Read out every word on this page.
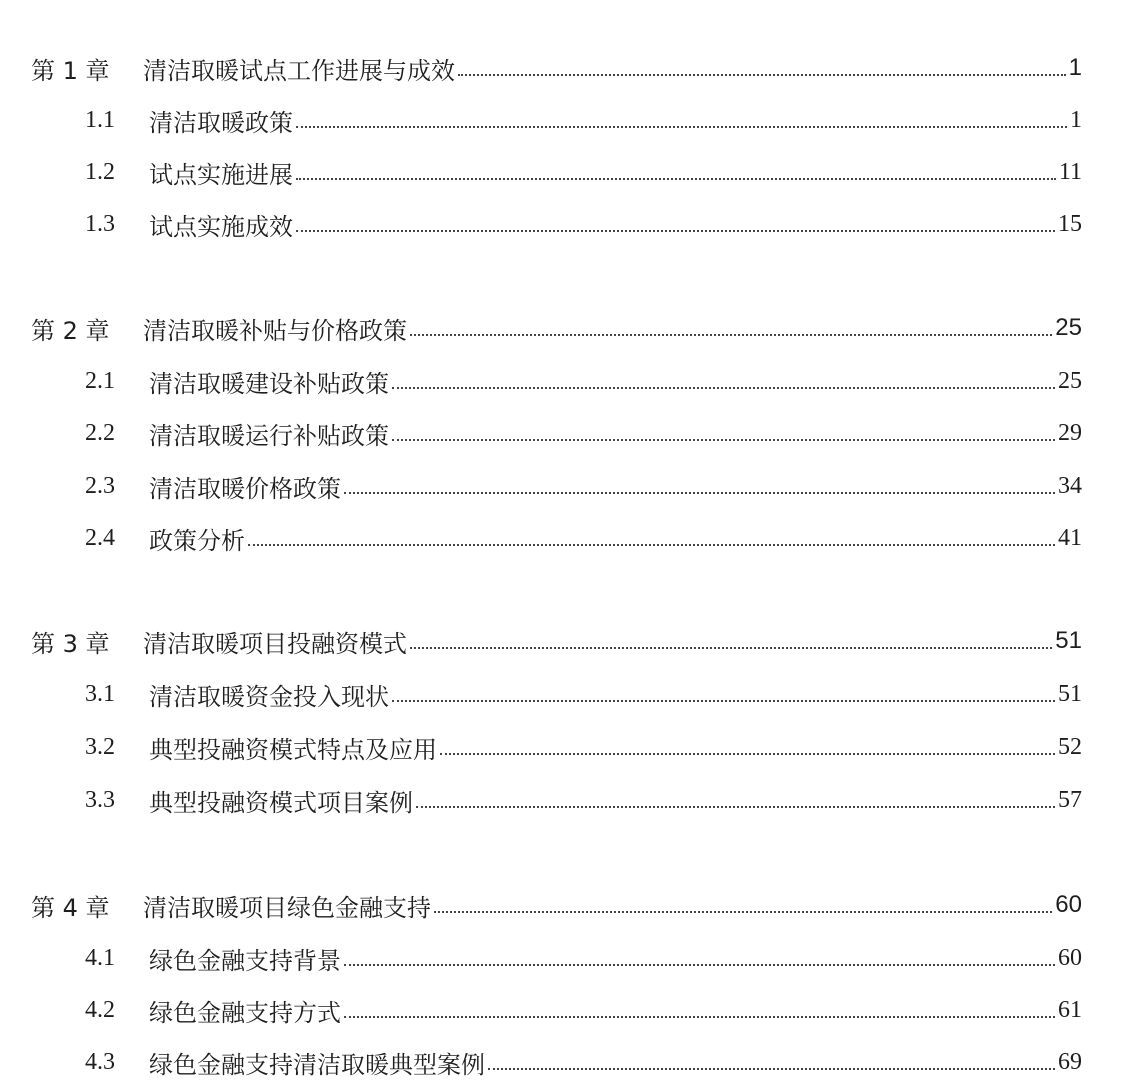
第 1 章	清洁取暖试点工作进展与成效	1
1.1	清洁取暖政策	1
1.2	试点实施进展	11
1.3	试点实施成效	15
第 2 章	清洁取暖补贴与价格政策	25
2.1	清洁取暖建设补贴政策	25
2.2	清洁取暖运行补贴政策	29
2.3	清洁取暖价格政策	34
2.4	政策分析	41
第 3 章	清洁取暖项目投融资模式	51
3.1	清洁取暖资金投入现状	51
3.2	典型投融资模式特点及应用	52
3.3	典型投融资模式项目案例	57
第 4 章	清洁取暖项目绿色金融支持	60
4.1	绿色金融支持背景	60
4.2	绿色金融支持方式	61
4.3	绿色金融支持清洁取暖典型案例	69
